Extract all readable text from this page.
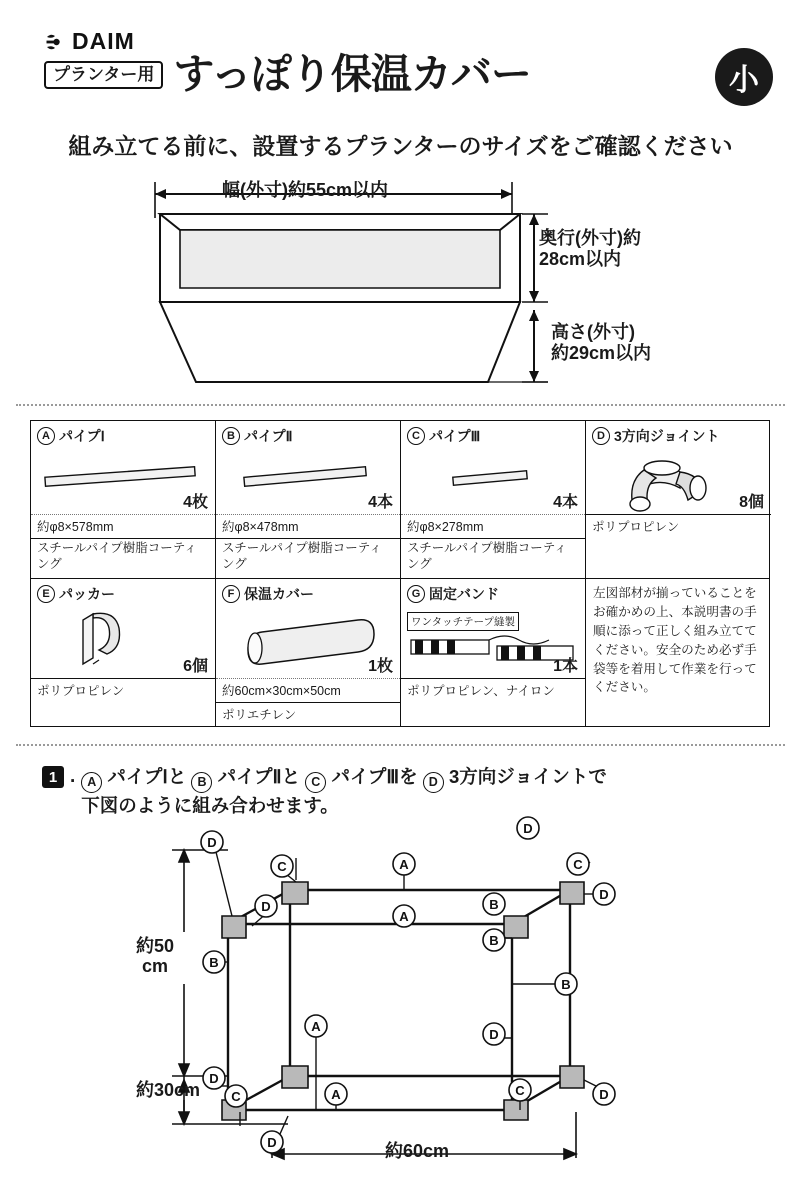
DAIM
プランター用 すっぽり保温カバー	小
組み立てる前に、設置するプランターのサイズをご確認ください
幅(外寸)約55cm以内
奥行(外寸)約
28cm以内
高さ(外寸)
約29cm以内
A パイプⅠ
4枚
約φ8×578mm
スチールパイプ樹脂コーティング
B パイプⅡ
4本
約φ8×478mm
スチールパイプ樹脂コーティング
C パイプⅢ
4本
約φ8×278mm
スチールパイプ樹脂コーティング
D 3方向ジョイント
8個
ポリプロピレン
E パッカー
6個
ポリプロピレン
F 保温カバー
1枚
約60cm×30cm×50cm
ポリエチレン
G 固定バンド
ワンタッチテープ縫製
1本
ポリプロピレン、ナイロン
左図部材が揃っていることをお確かめの上、本説明書の手順に添って正しく組み立ててください。安全のため必ず手袋等を着用して作業を行ってください。
1 . A パイプⅠと B パイプⅡと C パイプⅢを D 3方向ジョイントで
下図のように組み合わせます。
D
C	A
D
C
D
A
D	B
B
B
B
A
D
D
C	A	C	D
D
約50
cm
約30cm
約60cm
